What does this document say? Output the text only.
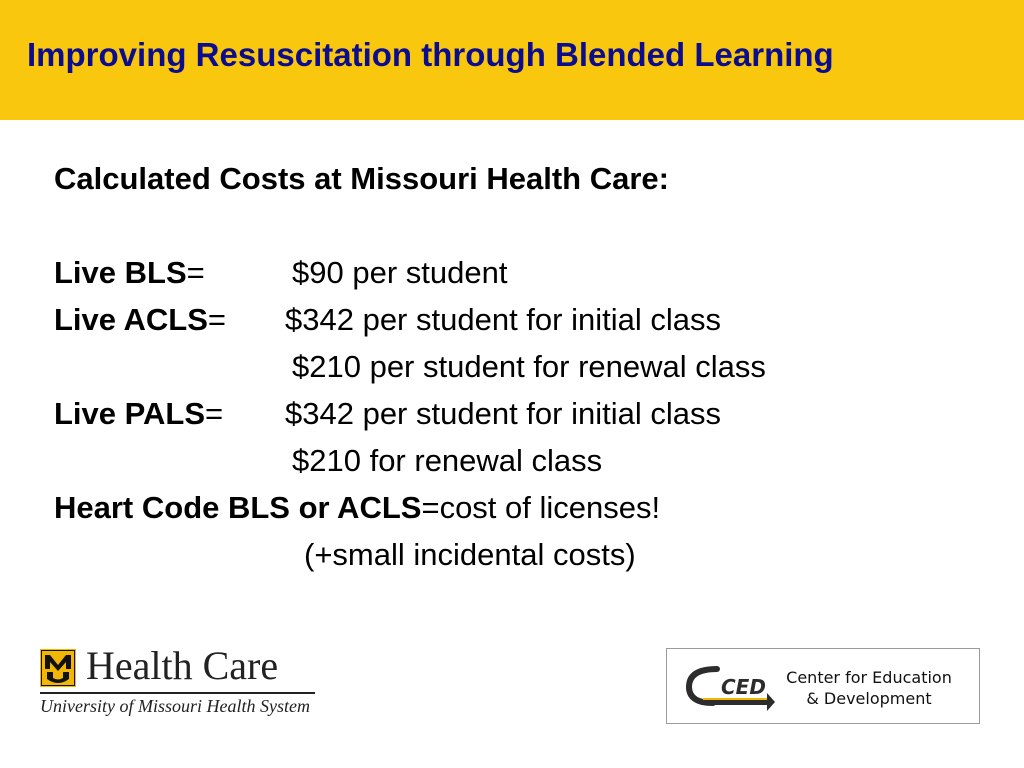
Improving Resuscitation through Blended Learning
Calculated Costs at Missouri Health Care:
Live BLS=	$90 per student
Live ACLS= $342 per student for initial class
$210 per student for renewal class
Live PALS= $342 per student for initial class
$210 for renewal class
Heart Code BLS or ACLS=cost of licenses!
(+small incidental costs)
Health Care
University of Missouri Health System
CED	Center for Education
& Development
